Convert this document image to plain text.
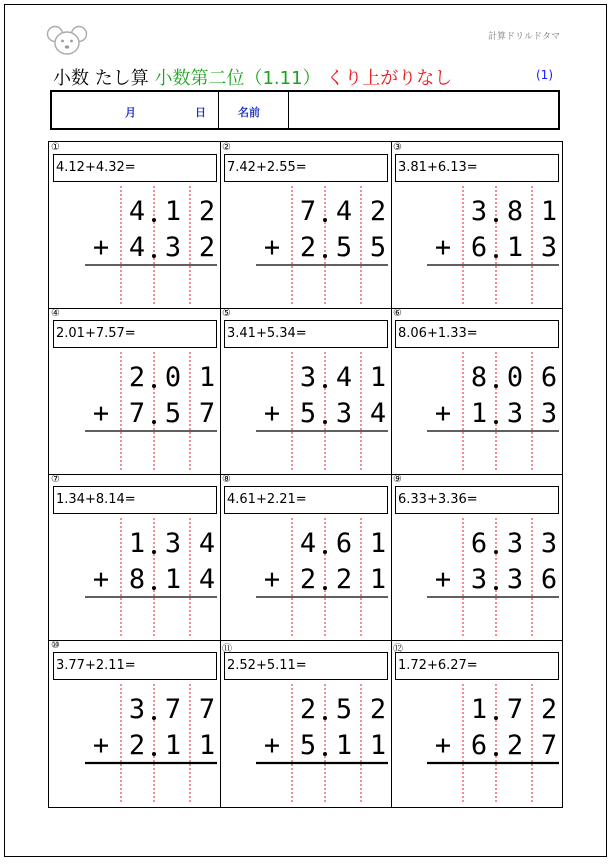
計算ドリルドタマ
小数 たし算 小数第二位（1.11） くり上がりなし	(1)
月	日	名前
①
4.12+4.32=
4 1 2
+ 4 3 2
②
7.42+2.55=
7 4 2
+ 2 5 5
③
3.81+6.13=
3 8 1
+ 6 1 3
④
2.01+7.57=
2 0 1
+ 7 5 7
⑤
3.41+5.34=
3 4 1
+ 5 3 4
⑥
8.06+1.33=
8 0 6
+ 1 3 3
⑦
1.34+8.14=
1 3 4
+ 8 1 4
⑧
4.61+2.21=
4 6 1
+ 2 2 1
⑨
6.33+3.36=
6 3 3
+ 3 3 6
⑩
3.77+2.11=
3 7 7
+ 2 1 1
⑪
2.52+5.11=
2 5 2
+ 5 1 1
⑫
1.72+6.27=
1 7 2
+ 6 2 7
